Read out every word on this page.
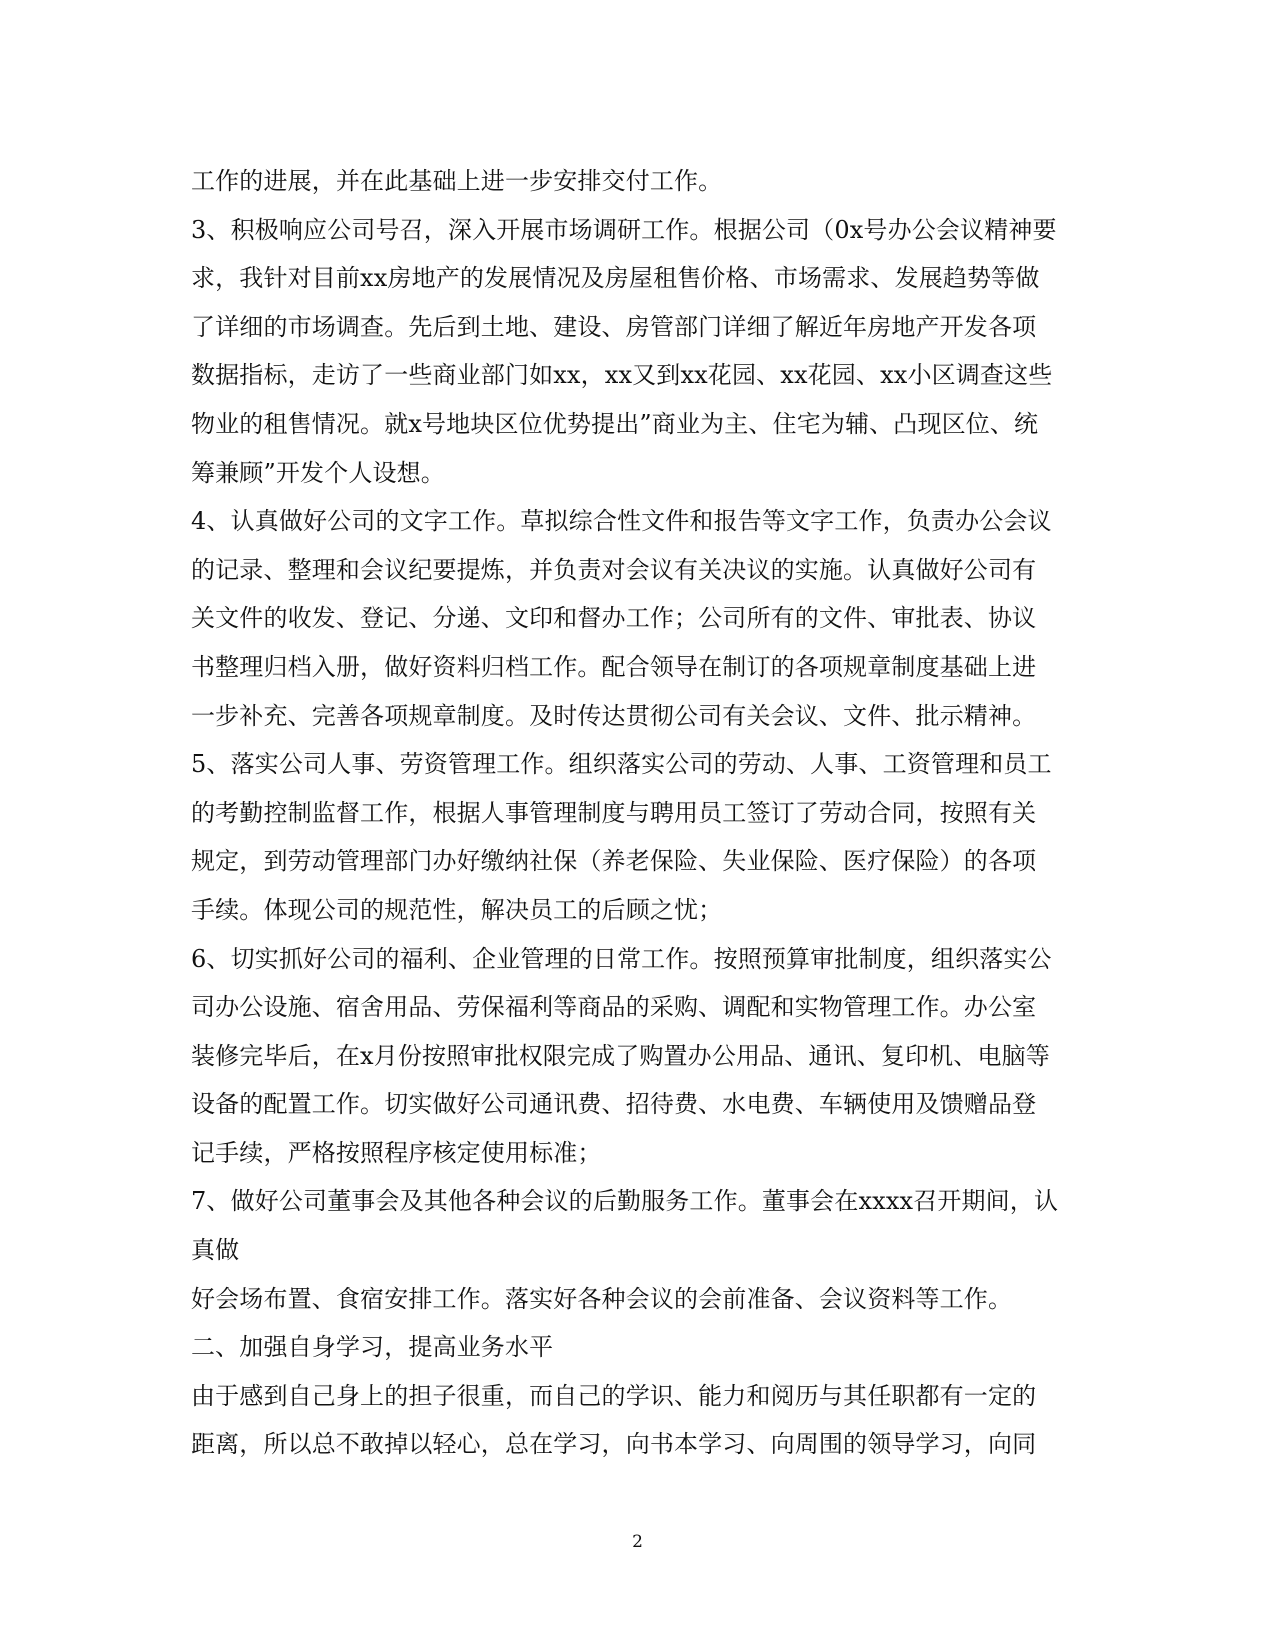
工作的进展，并在此基础上进一步安排交付工作。
3、积极响应公司号召，深入开展市场调研工作。根据公司（0x号办公会议精神要
求，我针对目前xx房地产的发展情况及房屋租售价格、市场需求、发展趋势等做
了详细的市场调查。先后到土地、建设、房管部门详细了解近年房地产开发各项
数据指标，走访了一些商业部门如xx，xx又到xx花园、xx花园、xx小区调查这些
物业的租售情况。就x号地块区位优势提出”商业为主、住宅为辅、凸现区位、统
筹兼顾”开发个人设想。
4、认真做好公司的文字工作。草拟综合性文件和报告等文字工作，负责办公会议
的记录、整理和会议纪要提炼，并负责对会议有关决议的实施。认真做好公司有
关文件的收发、登记、分递、文印和督办工作；公司所有的文件、审批表、协议
书整理归档入册，做好资料归档工作。配合领导在制订的各项规章制度基础上进
一步补充、完善各项规章制度。及时传达贯彻公司有关会议、文件、批示精神。
5、落实公司人事、劳资管理工作。组织落实公司的劳动、人事、工资管理和员工
的考勤控制监督工作，根据人事管理制度与聘用员工签订了劳动合同，按照有关
规定，到劳动管理部门办好缴纳社保（养老保险、失业保险、医疗保险）的各项
手续。体现公司的规范性，解决员工的后顾之忧；
6、切实抓好公司的福利、企业管理的日常工作。按照预算审批制度，组织落实公
司办公设施、宿舍用品、劳保福利等商品的采购、调配和实物管理工作。办公室
装修完毕后，在x月份按照审批权限完成了购置办公用品、通讯、复印机、电脑等
设备的配置工作。切实做好公司通讯费、招待费、水电费、车辆使用及馈赠品登
记手续，严格按照程序核定使用标准；
7、做好公司董事会及其他各种会议的后勤服务工作。董事会在xxxx召开期间，认
真做
好会场布置、食宿安排工作。落实好各种会议的会前准备、会议资料等工作。
二、加强自身学习，提高业务水平
由于感到自己身上的担子很重，而自己的学识、能力和阅历与其任职都有一定的
距离，所以总不敢掉以轻心，总在学习，向书本学习、向周围的领导学习，向同
2
